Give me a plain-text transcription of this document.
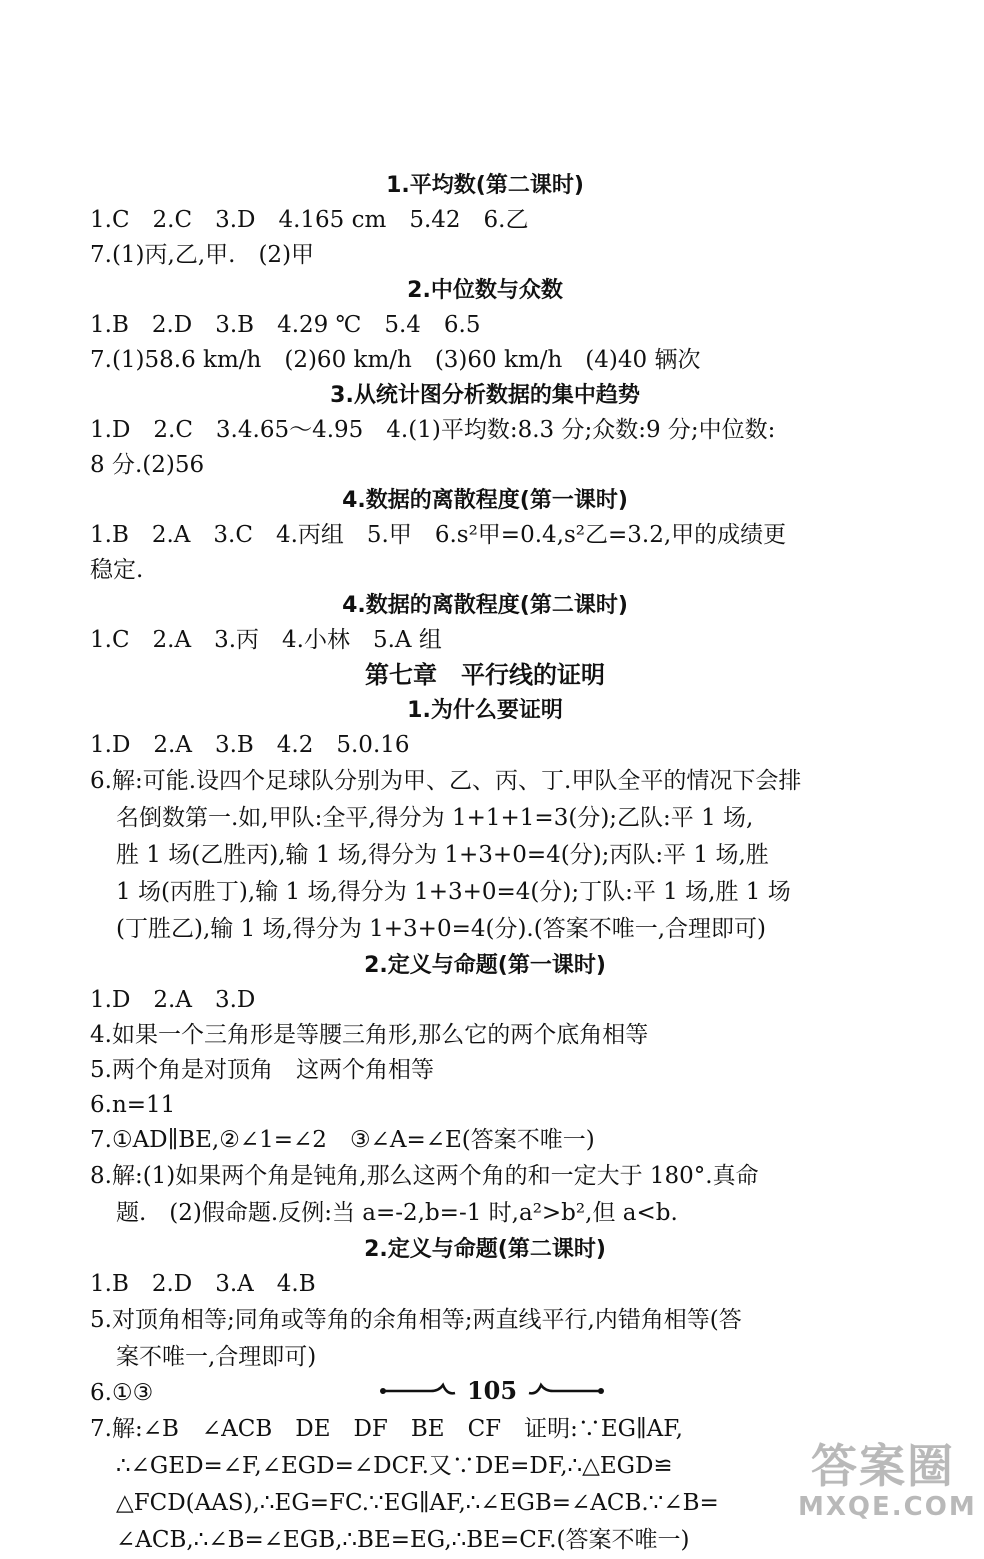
1.平均数(第二课时)
1.C　2.C　3.D　4.165 cm　5.42　6.乙
7.(1)丙,乙,甲.　(2)甲
2.中位数与众数
1.B　2.D　3.B　4.29 ℃　5.4　6.5
7.(1)58.6 km/h　(2)60 km/h　(3)60 km/h　(4)40 辆次
3.从统计图分析数据的集中趋势
1.D　2.C　3.4.65～4.95　4.(1)平均数:8.3 分;众数:9 分;中位数:
8 分.(2)56
4.数据的离散程度(第一课时)
1.B　2.A　3.C　4.丙组　5.甲　6.s²甲=0.4,s²乙=3.2,甲的成绩更
稳定.
4.数据的离散程度(第二课时)
1.C　2.A　3.丙　4.小林　5.A 组
第七章　平行线的证明
1.为什么要证明
1.D　2.A　3.B　4.2　5.0.16
6.解:可能.设四个足球队分别为甲、乙、丙、丁.甲队全平的情况下会排
名倒数第一.如,甲队:全平,得分为 1+1+1=3(分);乙队:平 1 场,
胜 1 场(乙胜丙),输 1 场,得分为 1+3+0=4(分);丙队:平 1 场,胜
1 场(丙胜丁),输 1 场,得分为 1+3+0=4(分);丁队:平 1 场,胜 1 场
(丁胜乙),输 1 场,得分为 1+3+0=4(分).(答案不唯一,合理即可)
2.定义与命题(第一课时)
1.D　2.A　3.D
4.如果一个三角形是等腰三角形,那么它的两个底角相等
5.两个角是对顶角　这两个角相等
6.n=11
7.①AD∥BE,②∠1=∠2　③∠A=∠E(答案不唯一)
8.解:(1)如果两个角是钝角,那么这两个角的和一定大于 180°.真命
题.　(2)假命题.反例:当 a=-2,b=-1 时,a²>b²,但 a<b.
2.定义与命题(第二课时)
1.B　2.D　3.A　4.B
5.对顶角相等;同角或等角的余角相等;两直线平行,内错角相等(答
案不唯一,合理即可)
6.①③
7.解:∠B　∠ACB　DE　DF　BE　CF　证明:∵EG∥AF,
∴∠GED=∠F,∠EGD=∠DCF.又∵DE=DF,∴△EGD≌
△FCD(AAS),∴EG=FC.∵EG∥AF,∴∠EGB=∠ACB.∵∠B=
∠ACB,∴∠B=∠EGB,∴BE=EG,∴BE=CF.(答案不唯一)
105
答案圈
MXQE.COM
